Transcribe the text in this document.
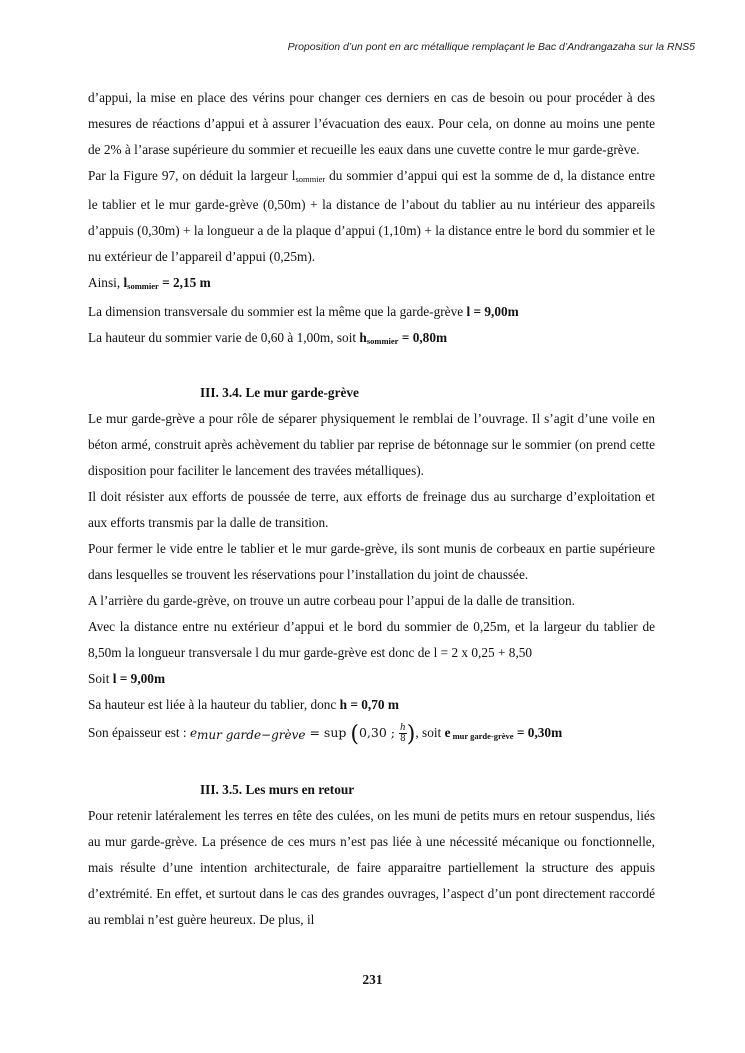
Proposition d’un pont en arc métallique remplaçant le Bac d’Andrangazaha sur la RNS5

d’appui, la mise en place des vérins pour changer ces derniers en cas de besoin ou pour procéder à des mesures de réactions d’appui et à assurer l’évacuation des eaux. Pour cela, on donne au moins une pente de 2% à l’arase supérieure du sommier et recueille les eaux dans une cuvette contre le mur garde-grève.

Par la Figure 97, on déduit la largeur $l_{sommier}$ du sommier d’appui qui est la somme de d, la distance entre le tablier et le mur garde-grève (0,50m) + la distance de l’about du tablier au nu intérieur des appareils d’appuis (0,30m) + la longueur a de la plaque d’appui (1,10m) + la distance entre le bord du sommier et le nu extérieur de l’appareil d’appui (0,25m).

Ainsi, $l_{sommier} = 2,15$ m

La dimension transversale du sommier est la même que la garde-grève l = 9,00m

La hauteur du sommier varie de 0,60 à 1,00m, soit $h_{sommier} = 0,80m$

III. 3.4. Le mur garde-grève

Le mur garde-grève a pour rôle de séparer physiquement le remblai de l’ouvrage. Il s’agit d’une voile en béton armé, construit après achèvement du tablier par reprise de bétonnage sur le sommier (on prend cette disposition pour faciliter le lancement des travées métalliques).

Il doit résister aux efforts de poussée de terre, aux efforts de freinage dus au surcharge d’exploitation et aux efforts transmis par la dalle de transition.

Pour fermer le vide entre le tablier et le mur garde-grève, ils sont munis de corbeaux en partie supérieure dans lesquelles se trouvent les réservations pour l’installation du joint de chaussée.

A l’arrière du garde-grève, on trouve un autre corbeau pour l’appui de la dalle de transition.

Avec la distance entre nu extérieur d’appui et le bord du sommier de 0,25m, et la largeur du tablier de 8,50m la longueur transversale l du mur garde-grève est donc de l = 2 x 0,25 + 8,50

Soit l = 9,00m

Sa hauteur est liée à la hauteur du tablier, donc h = 0,70 m

Son épaisseur est : emur garde−grève = sup (0,30 ; $\frac{h}{8}$ ), soit e $_{mur garde-grève}$ = 0,30m

III. 3.5. Les murs en retour

Pour retenir latéralement les terres en tête des culées, on les muni de petits murs en retour suspendus, liés au mur garde-grève. La présence de ces murs n’est pas liée à une nécessité mécanique ou fonctionnelle, mais résulte d’une intention architecturale, de faire apparaitre partiellement la structure des appuis d’extrémité. En effet, et surtout dans le cas des grandes ouvrages, l’aspect d’un pont directement raccordé au remblai n’est guère heureux. De plus, il

231
